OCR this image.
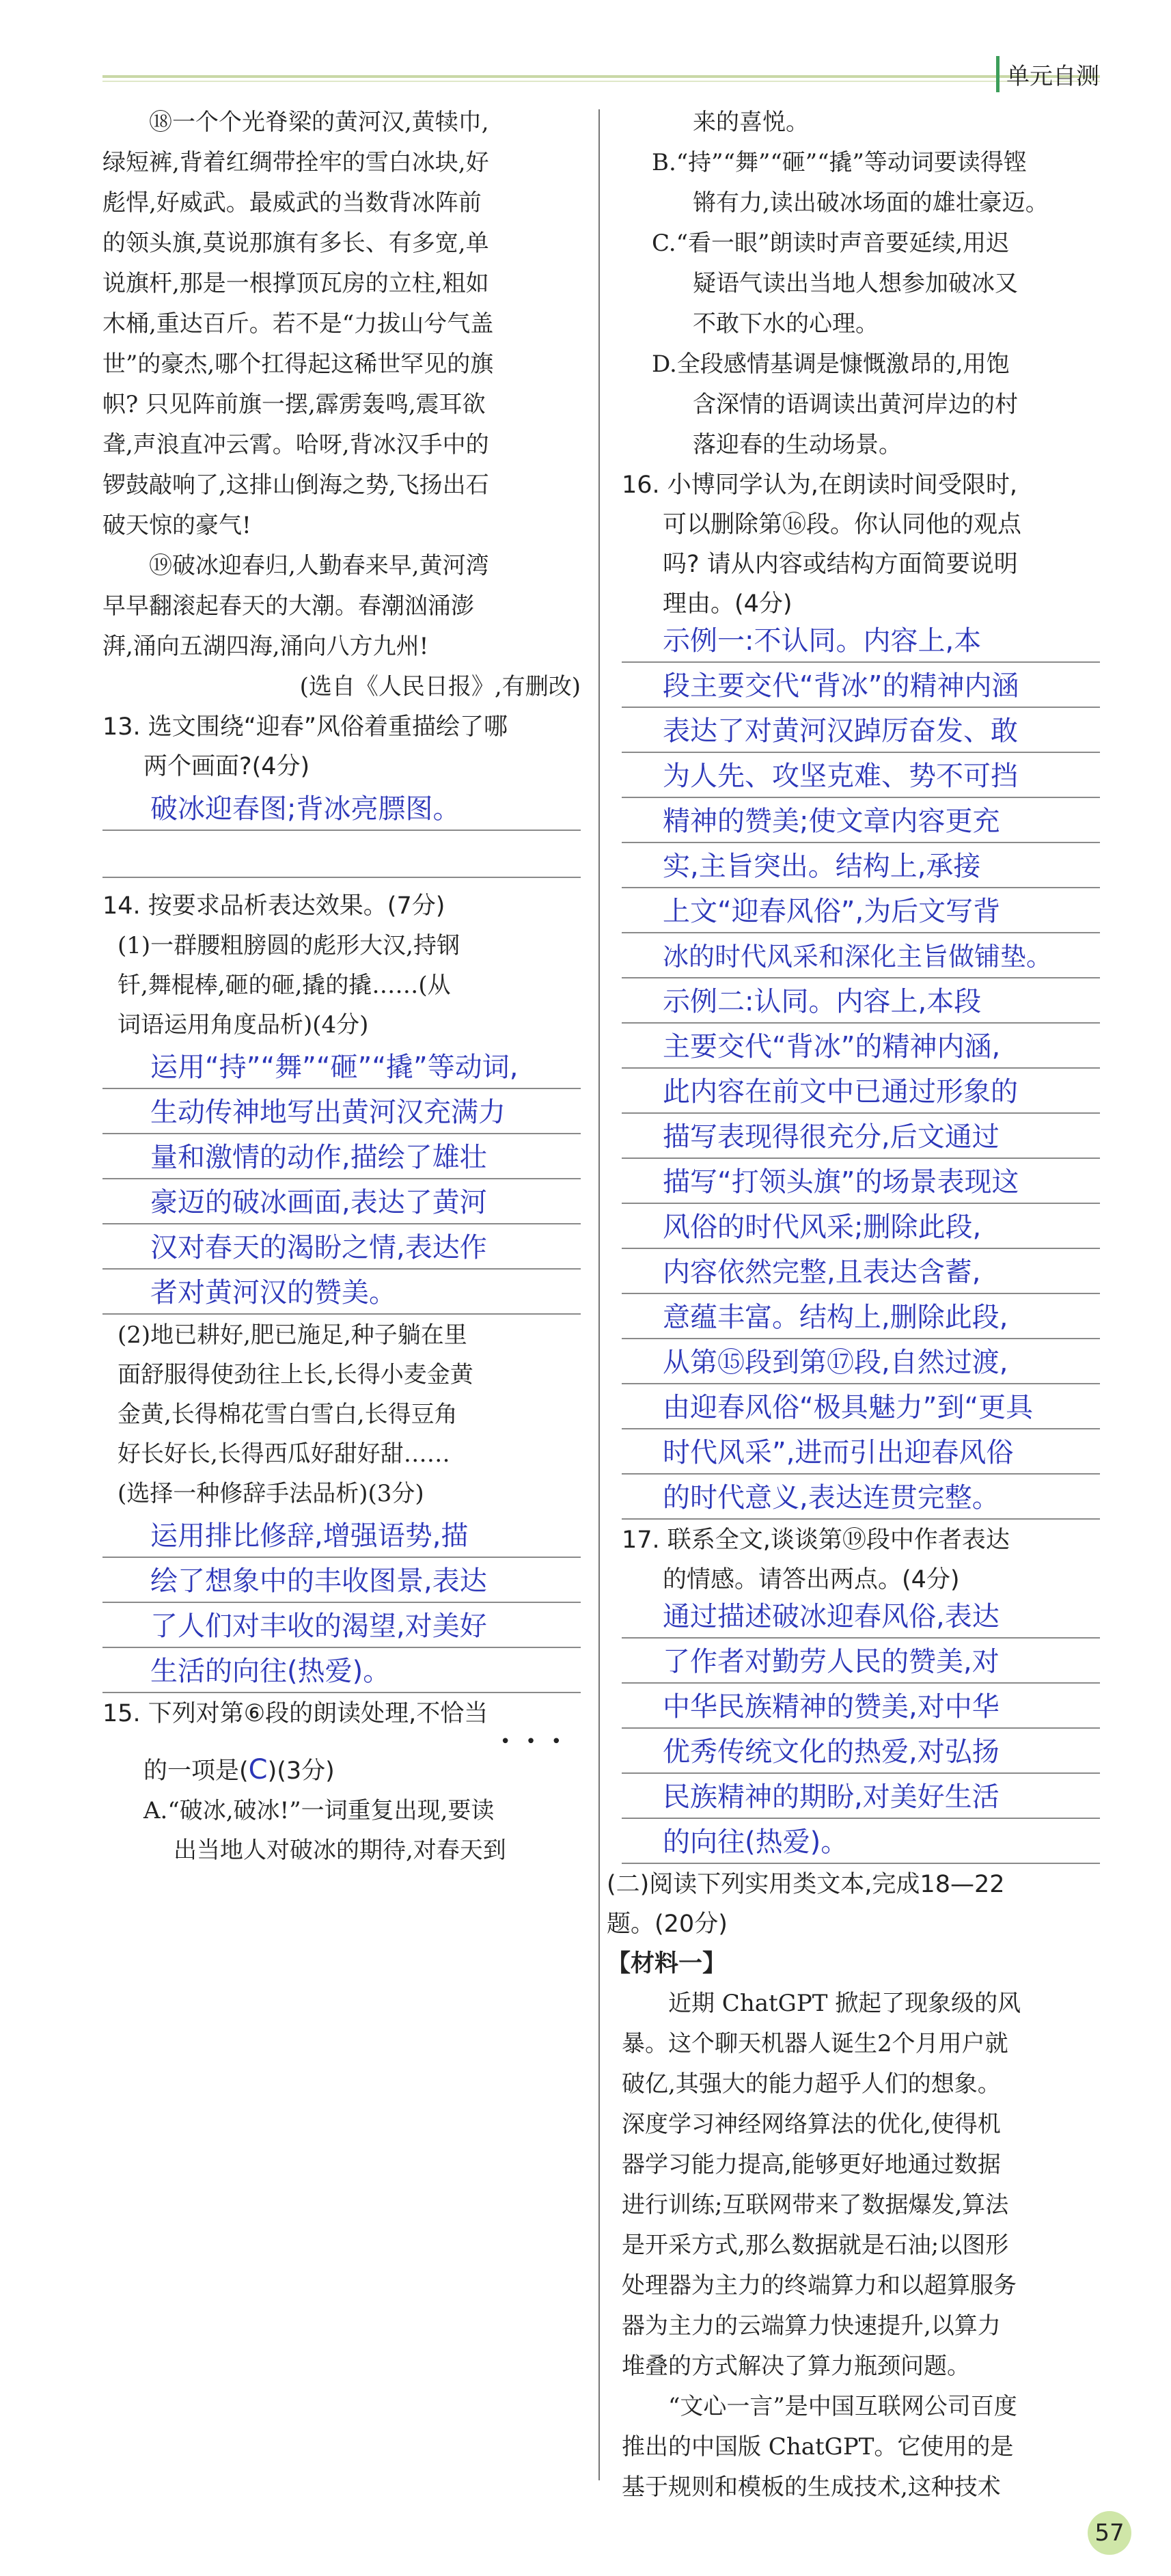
单元自测

⑱一个个光脊梁的黄河汉,黄犊巾,

绿短裤,背着红绸带拴牢的雪白冰块,好

彪悍,好威武。最威武的当数背冰阵前

的领头旗,莫说那旗有多长、有多宽,单

说旗杆,那是一根撑顶瓦房的立柱,粗如

木桶,重达百斤。若不是“力拔山兮气盖

世”的豪杰,哪个扛得起这稀世罕见的旗

帜? 只见阵前旗一摆,霹雳轰鸣,震耳欲

聋,声浪直冲云霄。哈呀,背冰汉手中的

锣鼓敲响了,这排山倒海之势,飞扬出石

破天惊的豪气!

⑲破冰迎春归,人勤春来早,黄河湾

早早翻滚起春天的大潮。春潮汹涌澎

湃,涌向五湖四海,涌向八方九州!

(选自《人民日报》,有删改)

13. 选文围绕“迎春”风俗着重描绘了哪

两个画面?(4分)

破冰迎春图;背冰亮膘图。

14. 按要求品析表达效果。(7分)

(1)一群腰粗膀圆的彪形大汉,持钢

钎,舞棍棒,砸的砸,撬的撬……(从

词语运用角度品析)(4分)

运用“持”“舞”“砸”“撬”等动词,

生动传神地写出黄河汉充满力

量和激情的动作,描绘了雄壮

豪迈的破冰画面,表达了黄河

汉对春天的渴盼之情,表达作

者对黄河汉的赞美。

(2)地已耕好,肥已施足,种子躺在里

面舒服得使劲往上长,长得小麦金黄

金黄,长得棉花雪白雪白,长得豆角

好长好长,长得西瓜好甜好甜……

(选择一种修辞手法品析)(3分)

运用排比修辞,增强语势,描

绘了想象中的丰收图景,表达

了人们对丰收的渴望,对美好

生活的向往(热爱)。

15. 下列对第⑥段的朗读处理,不恰当

•••

的一项是(C)(3分)

A.“破冰,破冰!”一词重复出现,要读

出当地人对破冰的期待,对春天到

来的喜悦。

B.“持”“舞”“砸”“撬”等动词要读得铿

锵有力,读出破冰场面的雄壮豪迈。

C.“看一眼”朗读时声音要延续,用迟

疑语气读出当地人想参加破冰又

不敢下水的心理。

D.全段感情基调是慷慨激昂的,用饱

含深情的语调读出黄河岸边的村

落迎春的生动场景。

16. 小博同学认为,在朗读时间受限时,

可以删除第⑯段。你认同他的观点

吗? 请从内容或结构方面简要说明

理由。(4分)

示例一:不认同。内容上,本

段主要交代“背冰”的精神内涵

表达了对黄河汉踔厉奋发、敢

为人先、攻坚克难、势不可挡

精神的赞美;使文章内容更充

实,主旨突出。结构上,承接

上文“迎春风俗”,为后文写背

冰的时代风采和深化主旨做铺垫。

示例二:认同。内容上,本段

主要交代“背冰”的精神内涵,

此内容在前文中已通过形象的

描写表现得很充分,后文通过

描写“打领头旗”的场景表现这

风俗的时代风采;删除此段,

内容依然完整,且表达含蓄,

意蕴丰富。结构上,删除此段,

从第⑮段到第⑰段,自然过渡,

由迎春风俗“极具魅力”到“更具

时代风采”,进而引出迎春风俗

的时代意义,表达连贯完整。

17. 联系全文,谈谈第⑲段中作者表达

的情感。请答出两点。(4分)

通过描述破冰迎春风俗,表达

了作者对勤劳人民的赞美,对

中华民族精神的赞美,对中华

优秀传统文化的热爱,对弘扬

民族精神的期盼,对美好生活

的向往(热爱)。

(二)阅读下列实用类文本,完成18—22

题。(20分)

【材料一】

近期 ChatGPT 掀起了现象级的风

暴。这个聊天机器人诞生2个月用户就

破亿,其强大的能力超乎人们的想象。

深度学习神经网络算法的优化,使得机

器学习能力提高,能够更好地通过数据

进行训练;互联网带来了数据爆发,算法

是开采方式,那么数据就是石油;以图形

处理器为主力的终端算力和以超算服务

器为主力的云端算力快速提升,以算力

堆叠的方式解决了算力瓶颈问题。

“文心一言”是中国互联网公司百度

推出的中国版 ChatGPT。它使用的是

基于规则和模板的生成技术,这种技术

57
